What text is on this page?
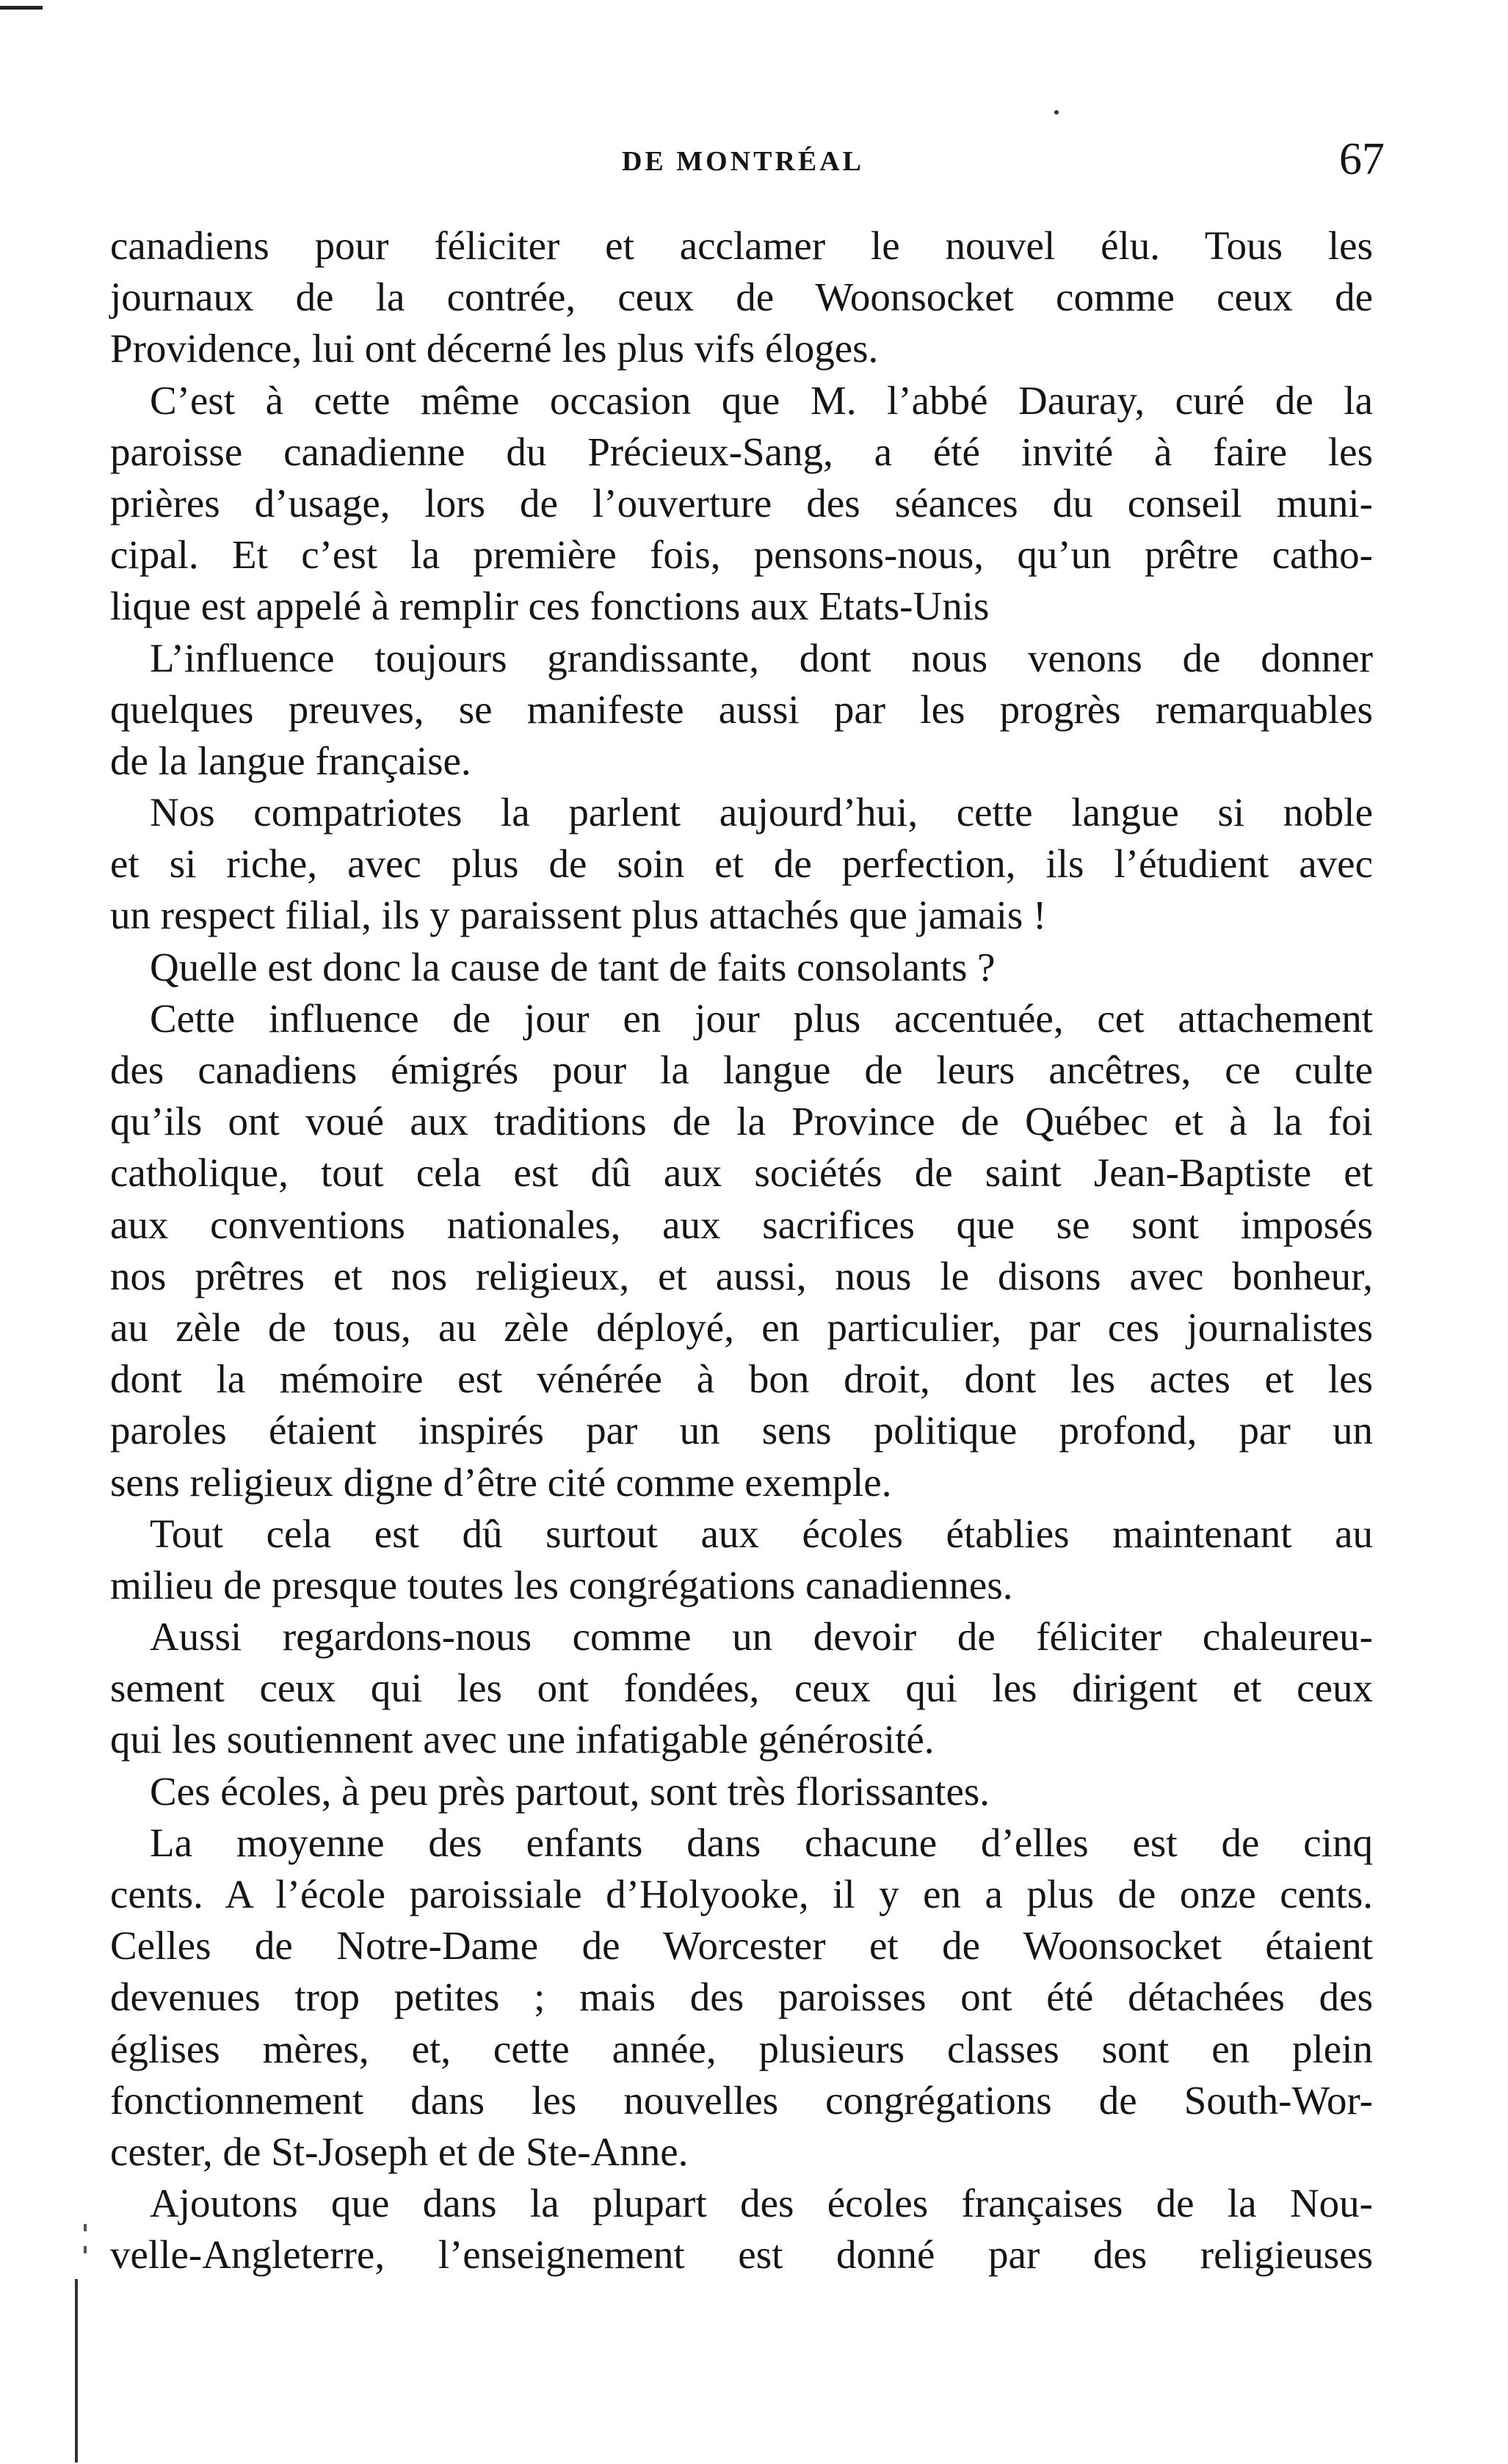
DE MONTRÉAL	67
canadiens pour féliciter et acclamer le nouvel élu. Tous les
journaux de la contrée, ceux de Woonsocket comme ceux de
Providence, lui ont décerné les plus vifs éloges.
C’est à cette même occasion que M. l’abbé Dauray, curé de la
paroisse canadienne du Précieux-Sang, a été invité à faire les
prières d’usage, lors de l’ouverture des séances du conseil muni-
cipal. Et c’est la première fois, pensons-nous, qu’un prêtre catho-
lique est appelé à remplir ces fonctions aux Etats-Unis
L’influence toujours grandissante, dont nous venons de donner
quelques preuves, se manifeste aussi par les progrès remarquables
de la langue française.
Nos compatriotes la parlent aujourd’hui, cette langue si noble
et si riche, avec plus de soin et de perfection, ils l’étudient avec
un respect filial, ils y paraissent plus attachés que jamais !
Quelle est donc la cause de tant de faits consolants ?
Cette influence de jour en jour plus accentuée, cet attachement
des canadiens émigrés pour la langue de leurs ancêtres, ce culte
qu’ils ont voué aux traditions de la Province de Québec et à la foi
catholique, tout cela est dû aux sociétés de saint Jean-Baptiste et
aux conventions nationales, aux sacrifices que se sont imposés
nos prêtres et nos religieux, et aussi, nous le disons avec bonheur,
au zèle de tous, au zèle déployé, en particulier, par ces journalistes
dont la mémoire est vénérée à bon droit, dont les actes et les
paroles étaient inspirés par un sens politique profond, par un
sens religieux digne d’être cité comme exemple.
Tout cela est dû surtout aux écoles établies maintenant au
milieu de presque toutes les congrégations canadiennes.
Aussi regardons-nous comme un devoir de féliciter chaleureu-
sement ceux qui les ont fondées, ceux qui les dirigent et ceux
qui les soutiennent avec une infatigable générosité.
Ces écoles, à peu près partout, sont très florissantes.
La moyenne des enfants dans chacune d’elles est de cinq
cents. A l’école paroissiale d’Holyooke, il y en a plus de onze cents.
Celles de Notre-Dame de Worcester et de Woonsocket étaient
devenues trop petites ; mais des paroisses ont été détachées des
églises mères, et, cette année, plusieurs classes sont en plein
fonctionnement dans les nouvelles congrégations de South-Wor-
cester, de St-Joseph et de Ste-Anne.
Ajoutons que dans la plupart des écoles françaises de la Nou-
velle-Angleterre, l’enseignement est donné par des religieuses
